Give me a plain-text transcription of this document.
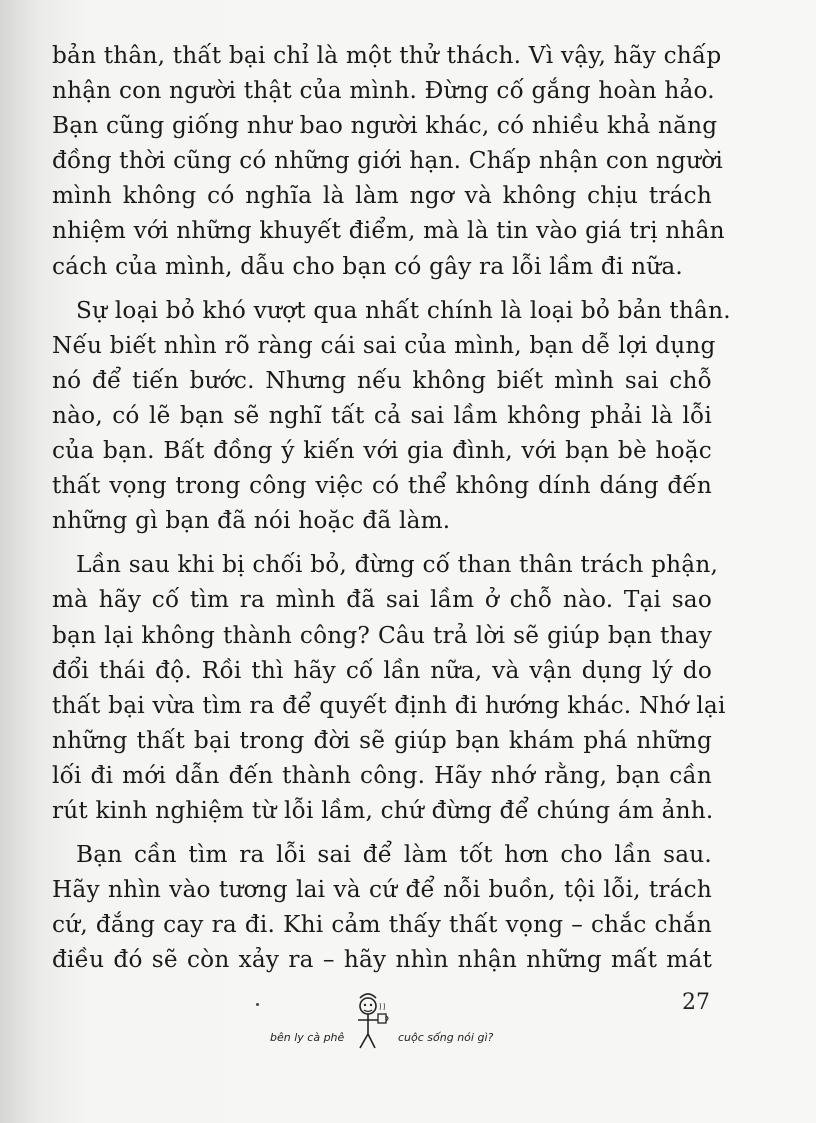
bản thân, thất bại chỉ là một thử thách. Vì vậy, hãy chấp
nhận con người thật của mình. Đừng cố gắng hoàn hảo.
Bạn cũng giống như bao người khác, có nhiều khả năng
đồng thời cũng có những giới hạn. Chấp nhận con người
mình không có nghĩa là làm ngơ và không chịu trách
nhiệm với những khuyết điểm, mà là tin vào giá trị nhân
cách của mình, dẫu cho bạn có gây ra lỗi lầm đi nữa.
Sự loại bỏ khó vượt qua nhất chính là loại bỏ bản thân.
Nếu biết nhìn rõ ràng cái sai của mình, bạn dễ lợi dụng
nó để tiến bước. Nhưng nếu không biết mình sai chỗ
nào, có lẽ bạn sẽ nghĩ tất cả sai lầm không phải là lỗi
của bạn. Bất đồng ý kiến với gia đình, với bạn bè hoặc
thất vọng trong công việc có thể không dính dáng đến
những gì bạn đã nói hoặc đã làm.
Lần sau khi bị chối bỏ, đừng cố than thân trách phận,
mà hãy cố tìm ra mình đã sai lầm ở chỗ nào. Tại sao
bạn lại không thành công? Câu trả lời sẽ giúp bạn thay
đổi thái độ. Rồi thì hãy cố lần nữa, và vận dụng lý do
thất bại vừa tìm ra để quyết định đi hướng khác. Nhớ lại
những thất bại trong đời sẽ giúp bạn khám phá những
lối đi mới dẫn đến thành công. Hãy nhớ rằng, bạn cần
rút kinh nghiệm từ lỗi lầm, chứ đừng để chúng ám ảnh.
Bạn cần tìm ra lỗi sai để làm tốt hơn cho lần sau.
Hãy nhìn vào tương lai và cứ để nỗi buồn, tội lỗi, trách
cứ, đắng cay ra đi. Khi cảm thấy thất vọng – chắc chắn
điều đó sẽ còn xảy ra – hãy nhìn nhận những mất mát
27
bên ly cà phê	cuộc sống nói gì?
